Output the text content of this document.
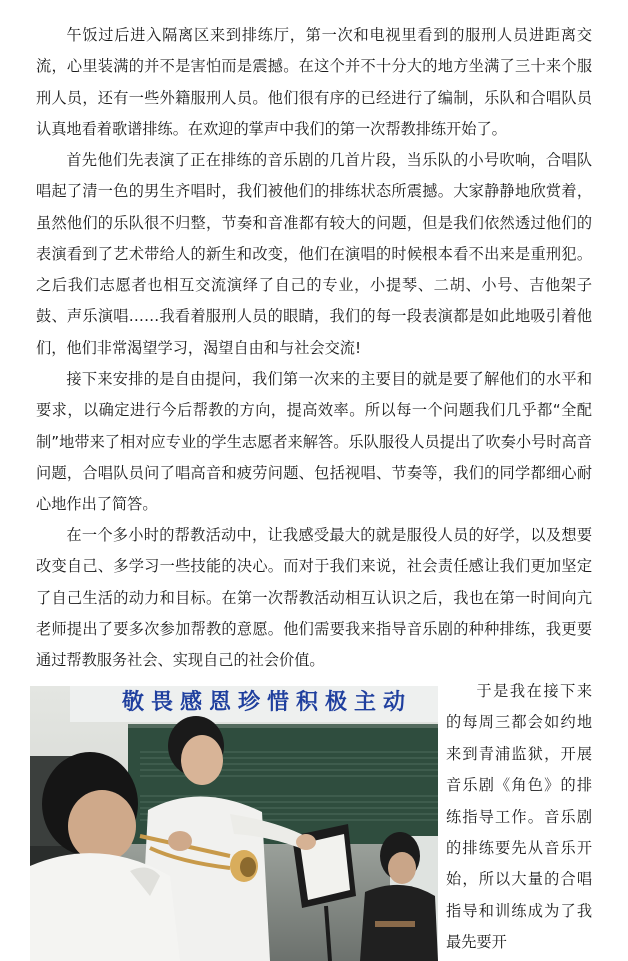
午饭过后进入隔离区来到排练厅，第一次和电视里看到的服刑人员进距离交流，心里装满的并不是害怕而是震撼。在这个并不十分大的地方坐满了三十来个服刑人员，还有一些外籍服刑人员。他们很有序的已经进行了编制，乐队和合唱队员认真地看着歌谱排练。在欢迎的掌声中我们的第一次帮教排练开始了。

首先他们先表演了正在排练的音乐剧的几首片段，当乐队的小号吹响，合唱队唱起了清一色的男生齐唱时，我们被他们的排练状态所震撼。大家静静地欣赏着，虽然他们的乐队很不归整，节奏和音准都有较大的问题，但是我们依然透过他们的表演看到了艺术带给人的新生和改变，他们在演唱的时候根本看不出来是重刑犯。之后我们志愿者也相互交流演绎了自己的专业，小提琴、二胡、小号、吉他架子鼓、声乐演唱……我看着服刑人员的眼睛，我们的每一段表演都是如此地吸引着他们，他们非常渴望学习，渴望自由和与社会交流!

接下来安排的是自由提问，我们第一次来的主要目的就是要了解他们的水平和要求，以确定进行今后帮教的方向，提高效率。所以每一个问题我们几乎都“全配制”地带来了相对应专业的学生志愿者来解答。乐队服役人员提出了吹奏小号时高音问题，合唱队员问了唱高音和疲劳问题、包括视唱、节奏等，我们的同学都细心耐心地作出了简答。

在一个多小时的帮教活动中，让我感受最大的就是服役人员的好学，以及想要改变自己、多学习一些技能的决心。而对于我们来说，社会责任感让我们更加坚定了自己生活的动力和目标。在第一次帮教活动相互认识之后，我也在第一时间向亢老师提出了要多次参加帮教的意愿。他们需要我来指导音乐剧的种种排练，我更要通过帮教服务社会、实现自己的社会价值。

敬畏感恩珍惜积极主动	于是我在接下来的每周三都会如约地来到青浦监狱，开展音乐剧《角色》的排练指导工作。音乐剧的排练要先从音乐开始，所以大量的合唱指导和训练成为了我最先要开
